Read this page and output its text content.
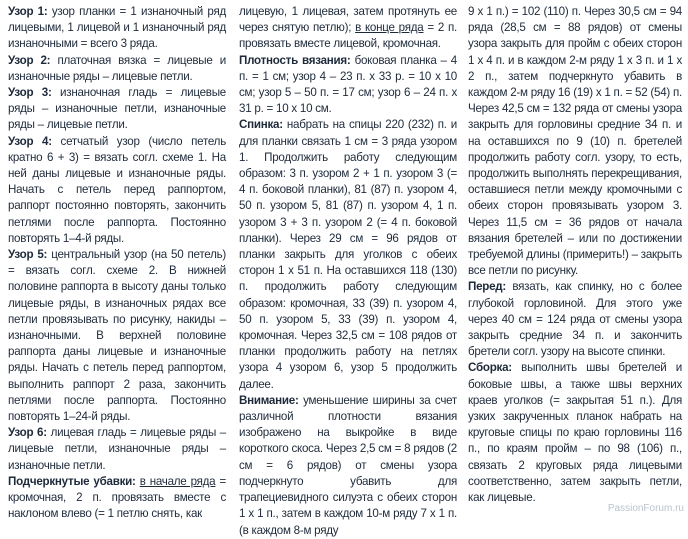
Узор 1: узор планки = 1 изнаночный ряд лицевыми, 1 лицевой и 1 изнаночный ряд изнаночными = всего 3 ряда.

Узор 2: платочная вязка = лицевые и изнаночные ряды – лицевые петли.

Узор 3: изнаночная гладь = лицевые ряды – изнаночные петли, изнаночные ряды – лицевые петли.

Узор 4: сетчатый узор (число петель кратно 6 + 3) = вязать согл. схеме 1. На ней даны лицевые и изнаночные ряды. Начать с петель перед раппортом, раппорт постоянно повторять, закончить петлями после раппорта. Постоянно повторять 1–4-й ряды.

Узор 5: центральный узор (на 50 петель) = вязать согл. схеме 2. В нижней половине раппорта в высоту даны только лицевые ряды, в изнаночных рядах все петли провязывать по рисунку, накиды – изнаночными. В верхней половине раппорта даны лицевые и изнаночные ряды. Начать с петель перед раппортом, выполнить раппорт 2 раза, закончить петлями после раппорта. Постоянно повторять 1–24-й ряды.

Узор 6: лицевая гладь = лицевые ряды – лицевые петли, изнаночные ряды – изнаночные петли.

Подчеркнутые убавки: в начале ряда = кромочная, 2 п. провязать вместе с наклоном влево (= 1 петлю снять, как

лицевую, 1 лицевая, затем протянуть ее через снятую петлю); в конце ряда = 2 п. провязать вместе лицевой, кромочная.

Плотность вязания: боковая планка – 4 п. = 1 см; узор 4 – 23 п. x 33 р. = 10 x 10 см; узор 5 – 50 п. = 17 см; узор 6 – 24 п. x 31 р. = 10 x 10 см.

Спинка: набрать на спицы 220 (232) п. и для планки связать 1 см = 3 ряда узором 1. Продолжить работу следующим образом: 3 п. узором 2 + 1 п. узором 3 (= 4 п. боковой планки), 81 (87) п. узором 4, 50 п. узором 5, 81 (87) п. узором 4, 1 п. узором 3 + 3 п. узором 2 (= 4 п. боковой планки). Через 29 см = 96 рядов от планки закрыть для уголков с обеих сторон 1 x 51 п. На оставшихся 118 (130) п. продолжить работу следующим образом: кромочная, 33 (39) п. узором 4, 50 п. узором 5, 33 (39) п. узором 4, кромочная. Через 32,5 см = 108 рядов от планки продолжить работу на петлях узора 4 узором 6, узор 5 продолжить далее.

Внимание: уменьшение ширины за счет различной плотности вязания изображено на выкройке в виде короткого скоса. Через 2,5 см = 8 рядов (2 см = 6 рядов) от смены узора подчеркнуто убавить для трапециевидного силуэта с обеих сторон 1 x 1 п., затем в каждом 10-м ряду 7 x 1 п. (в каждом 8-м ряду

9 x 1 п.) = 102 (110) п. Через 30,5 см = 94 ряда (28,5 см = 88 рядов) от смены узора закрыть для пройм с обеих сторон 1 x 4 п. и в каждом 2-м ряду 1 x 3 п. и 1 x 2 п., затем подчеркнуто убавить в каждом 2-м ряду 16 (19) x 1 п. = 52 (54) п. Через 42,5 см = 132 ряда от смены узора закрыть для горловины средние 34 п. и на оставшихся по 9 (10) п. бретелей продолжить работу согл. узору, то есть, продолжить выполнять перекрещивания, оставшиеся петли между кромочными с обеих сторон провязывать узором 3. Через 11,5 см = 36 рядов от начала вязания бретелей – или по достижении требуемой длины (примерить!) – закрыть все петли по рисунку.

Перед: вязать, как спинку, но с более глубокой горловиной. Для этого уже через 40 см = 124 ряда от смены узора закрыть средние 34 п. и закончить бретели согл. узору на высоте спинки.

Сборка: выполнить швы бретелей и боковые швы, а также швы верхних краев уголков (= закрытая 51 п.). Для узких закрученных планок набрать на круговые спицы по краю горловины 116 п., по краям пройм – по 98 (106) п., связать 2 круговых ряда лицевыми соответственно, затем закрыть петли, как лицевые.

PassionForum.ru
